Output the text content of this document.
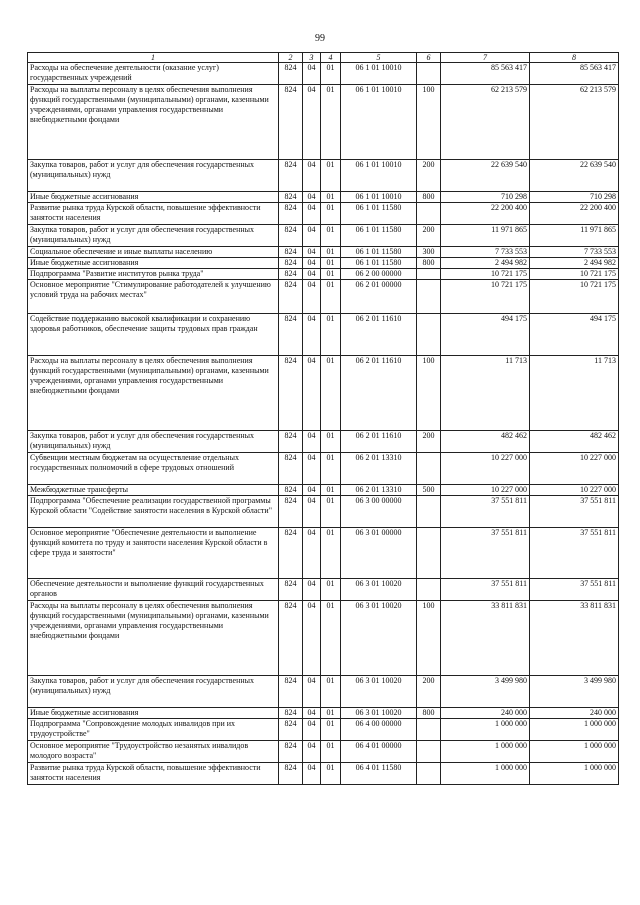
99
1	2	3	4	5	6	7	8
Расходы на обеспечение деятельности (оказание услуг) государственных учреждений	824	04	01	06 1 01 10010		85 563 417	85 563 417
Расходы на выплаты персоналу в целях обеспечения выполнения функций государственными (муниципальными) органами, казенными учреждениями, органами управления государственными внебюджетными фондами	824	04	01	06 1 01 10010	100	62 213 579	62 213 579
Закупка товаров, работ и услуг для обеспечения государственных (муниципальных) нужд	824	04	01	06 1 01 10010	200	22 639 540	22 639 540
Иные бюджетные ассигнования	824	04	01	06 1 01 10010	800	710 298	710 298
Развитие рынка труда Курской области, повышение эффективности занятости населения	824	04	01	06 1 01 11580		22 200 400	22 200 400
Закупка товаров, работ и услуг для обеспечения государственных (муниципальных) нужд	824	04	01	06 1 01 11580	200	11 971 865	11 971 865
Социальное обеспечение и иные выплаты населению	824	04	01	06 1 01 11580	300	7 733 553	7 733 553
Иные бюджетные ассигнования	824	04	01	06 1 01 11580	800	2 494 982	2 494 982
Подпрограмма "Развитие институтов рынка труда"	824	04	01	06 2 00 00000		10 721 175	10 721 175
Основное мероприятие "Стимулирование работодателей к улучшению условий труда на рабочих местах"	824	04	01	06 2 01 00000		10 721 175	10 721 175
Содействие поддержанию высокой квалификации и сохранению здоровья работников, обеспечение защиты трудовых прав граждан	824	04	01	06 2 01 11610		494 175	494 175
Расходы на выплаты персоналу в целях обеспечения выполнения функций государственными (муниципальными) органами, казенными учреждениями, органами управления государственными внебюджетными фондами	824	04	01	06 2 01 11610	100	11 713	11 713
Закупка товаров, работ и услуг для обеспечения государственных (муниципальных) нужд	824	04	01	06 2 01 11610	200	482 462	482 462
Субвенции местным бюджетам на осуществление отдельных государственных полномочий в сфере трудовых отношений	824	04	01	06 2 01 13310		10 227 000	10 227 000
Межбюджетные трансферты	824	04	01	06 2 01 13310	500	10 227 000	10 227 000
Подпрограмма "Обеспечение реализации государственной программы Курской области "Содействие занятости населения в Курской области"	824	04	01	06 3 00 00000		37 551 811	37 551 811
Основное мероприятие "Обеспечение деятельности и выполнение функций комитета по труду и занятости населения Курской области в сфере труда и занятости"	824	04	01	06 3 01 00000		37 551 811	37 551 811
Обеспечение деятельности и выполнение функций государственных органов	824	04	01	06 3 01 10020		37 551 811	37 551 811
Расходы на выплаты персоналу в целях обеспечения выполнения функций государственными (муниципальными) органами, казенными учреждениями, органами управления государственными внебюджетными фондами	824	04	01	06 3 01 10020	100	33 811 831	33 811 831
Закупка товаров, работ и услуг для обеспечения государственных (муниципальных) нужд	824	04	01	06 3 01 10020	200	3 499 980	3 499 980
Иные бюджетные ассигнования	824	04	01	06 3 01 10020	800	240 000	240 000
Подпрограмма "Сопровождение молодых инвалидов при их трудоустройстве"	824	04	01	06 4 00 00000		1 000 000	1 000 000
Основное мероприятие "Трудоустройство незанятых инвалидов молодого возраста"	824	04	01	06 4 01 00000		1 000 000	1 000 000
Развитие рынка труда Курской области, повышение эффективности занятости населения	824	04	01	06 4 01 11580		1 000 000	1 000 000
